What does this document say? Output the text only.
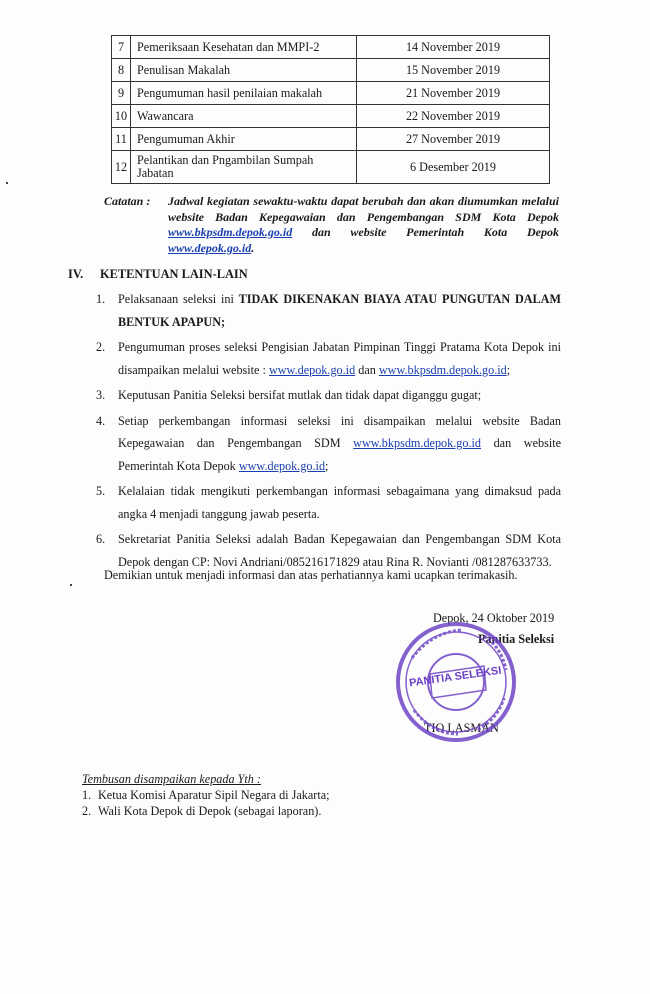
7	Pemeriksaan Kesehatan dan MMPI-2	14 November 2019
8	Penulisan Makalah	15 November 2019
9	Pengumuman hasil penilaian makalah	21 November 2019
10	Wawancara	22 November 2019
11	Pengumuman Akhir	27 November 2019
12	Pelantikan dan Pngambilan Sumpah Jabatan	6 Desember 2019
Catatan : Jadwal kegiatan sewaktu-waktu dapat berubah dan akan diumumkan melalui
website Badan Kepegawaian dan Pengembangan SDM Kota Depok
www.bkpsdm.depok.go.id dan website Pemerintah Kota Depok
www.depok.go.id.
IV. KETENTUAN LAIN-LAIN
1. Pelaksanaan seleksi ini TIDAK DIKENAKAN BIAYA ATAU PUNGUTAN DALAM BENTUK APAPUN;
2. Pengumuman proses seleksi Pengisian Jabatan Pimpinan Tinggi Pratama Kota Depok ini disampaikan melalui website : www.depok.go.id dan www.bkpsdm.depok.go.id;
3. Keputusan Panitia Seleksi bersifat mutlak dan tidak dapat diganggu gugat;
4. Setiap perkembangan informasi seleksi ini disampaikan melalui website Badan Kepegawaian dan Pengembangan SDM www.bkpsdm.depok.go.id dan website Pemerintah Kota Depok www.depok.go.id;
5. Kelalaian tidak mengikuti perkembangan informasi sebagaimana yang dimaksud pada angka 4 menjadi tanggung jawab peserta.
6. Sekretariat Panitia Seleksi adalah Badan Kepegawaian dan Pengembangan SDM Kota Depok dengan CP: Novi Andriani/085216171829 atau Rina R. Novianti /081287633733.
Demikian untuk menjadi informasi dan atas perhatiannya kami ucapkan terimakasih.
Depok, 24 Oktober 2019
Panitia Seleksi
TIO LASMAN
PANITIA SELEKSI
Tembusan disampaikan kepada Yth :
1. Ketua Komisi Aparatur Sipil Negara di Jakarta;
2. Wali Kota Depok di Depok (sebagai laporan).
